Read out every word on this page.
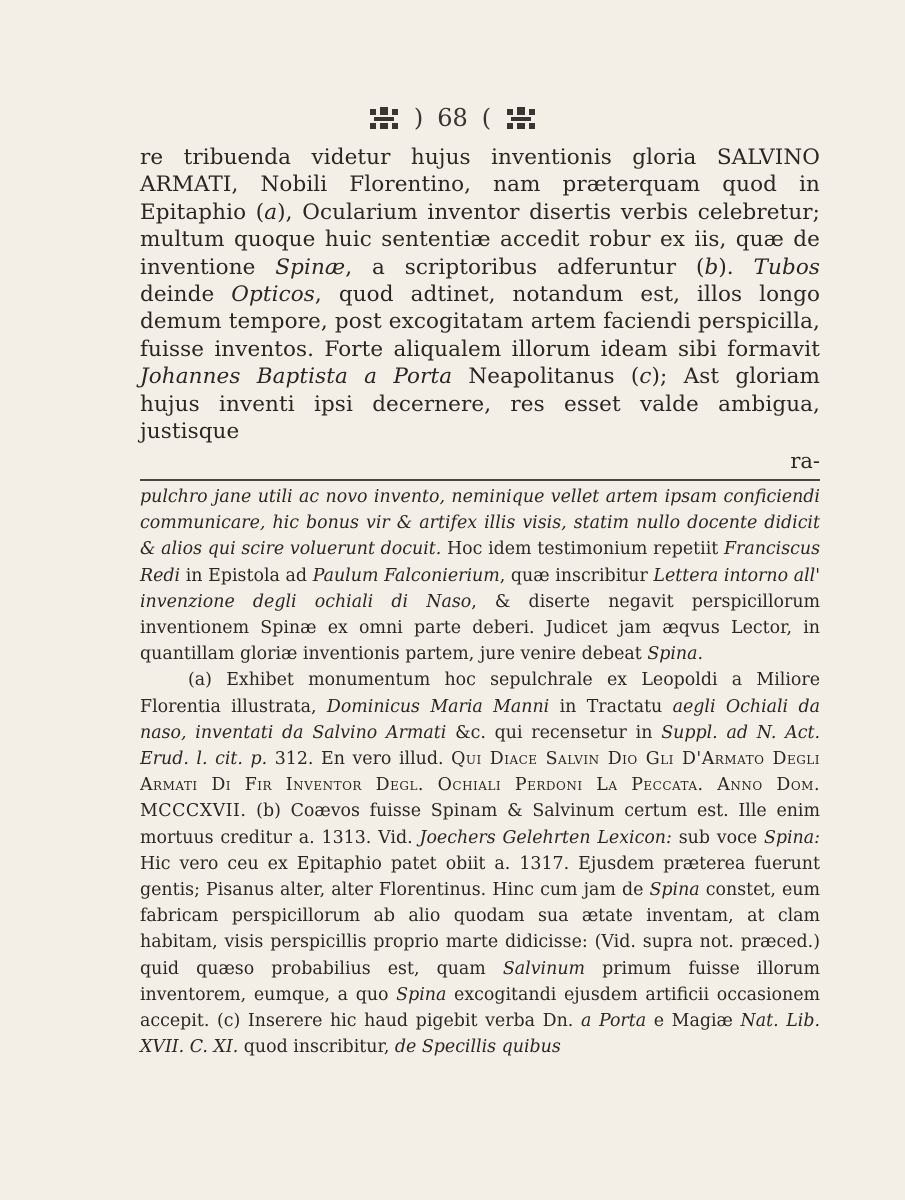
) 68 (

re tribuenda videtur hujus inventionis gloria SALVINO ARMATI, Nobili Florentino, nam præterquam quod in Epitaphio (a), Ocularium inventor disertis verbis celebretur; multum quoque huic sententiæ accedit robur ex iis, quæ de inventione Spinæ, a scriptoribus adferuntur (b). Tubos deinde Opticos, quod adtinet, notandum est, illos longo demum tempore, post excogitatam artem faciendi perspicilla, fuisse inventos. Forte aliqualem illorum ideam sibi formavit Johannes Baptista a Porta Neapolitanus (c); Ast gloriam hujus inventi ipsi decernere, res esset valde ambigua, justisque

ra-

pulchro jane utili ac novo invento, neminique vellet artem ipsam conficiendi communicare, hic bonus vir & artifex illis visis, statim nullo docente didicit & alios qui scire voluerunt docuit. Hoc idem testimonium repetiit Franciscus Redi in Epistola ad Paulum Falconierium, quæ inscribitur Lettera intorno all' invenzione degli ochiali di Naso, & diserte negavit perspicillorum inventionem Spinæ ex omni parte deberi. Judicet jam æqvus Lector, in quantillam gloriæ inventionis partem, jure venire debeat Spina.

(a) Exhibet monumentum hoc sepulchrale ex Leopoldi a Miliore Florentia illustrata, Dominicus Maria Manni in Tractatu aegli Ochiali da naso, inventati da Salvino Armati &c. qui recensetur in Suppl. ad N. Act. Erud. l. cit. p. 312. En vero illud. Qui Diace Salvin Dio Gli D'Armato Degli Armati Di Fir Inventor Degl. Ochiali Perdoni La Peccata. Anno Dom. MCCCXVII. (b) Coævos fuisse Spinam & Salvinum certum est. Ille enim mortuus creditur a. 1313. Vid. Joechers Gelehrten Lexicon: sub voce Spina: Hic vero ceu ex Epitaphio patet obiit a. 1317. Ejusdem præterea fuerunt gentis; Pisanus alter, alter Florentinus. Hinc cum jam de Spina constet, eum fabricam perspicillorum ab alio quodam sua ætate inventam, at clam habitam, visis perspicillis proprio marte didicisse: (Vid. supra not. præced.) quid quæso probabilius est, quam Salvinum primum fuisse illorum inventorem, eumque, a quo Spina excogitandi ejusdem artificii occasionem accepit. (c) Inserere hic haud pigebit verba Dn. a Porta e Magiæ Nat. Lib. XVII. C. XI. quod inscribitur, de Specillis quibus
